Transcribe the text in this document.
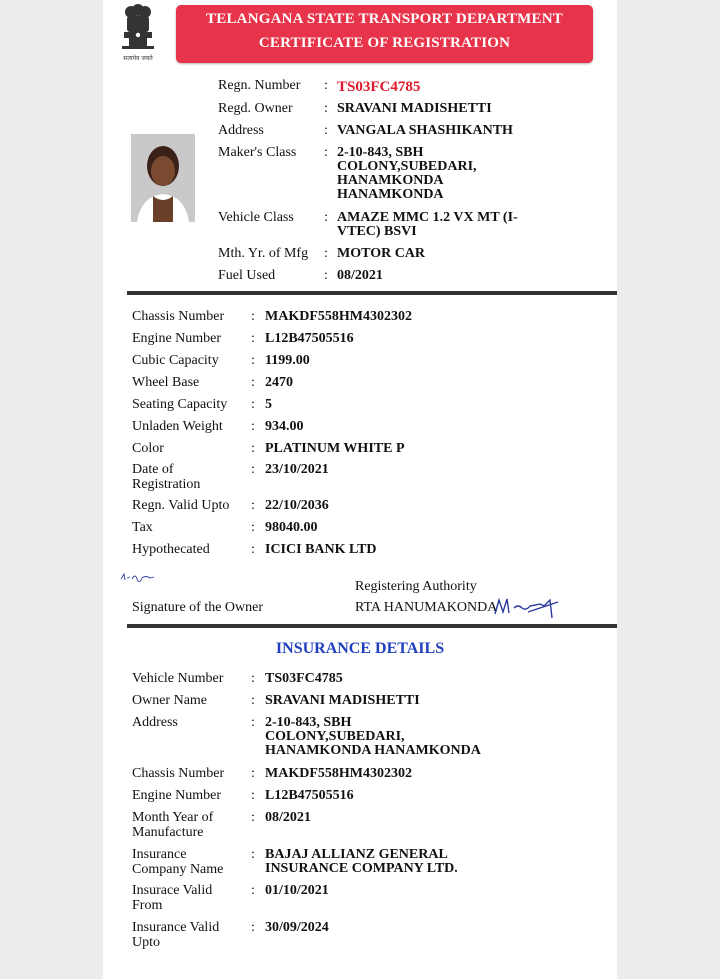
सत्यमेव जयते
TELANGANA STATE TRANSPORT DEPARTMENT
CERTIFICATE OF REGISTRATION
Regn. Number : TS03FC4785
Regd. Owner : SRAVANI MADISHETTI
Address	: VANGALA SHASHIKANTH
Maker's Class : 2-10-843, SBH
COLONY,SUBEDARI,
HANAMKONDA
HANAMKONDA
Vehicle Class : AMAZE MMC 1.2 VX MT (I-
VTEC) BSVI
Mth. Yr. of Mfg : MOTOR CAR
Fuel Used	: 08/2021
Chassis Number : MAKDF558HM4302302
Engine Number : L12B47505516
Cubic Capacity : 1199.00
Wheel Base	: 2470
Seating Capacity : 5
Unladen Weight : 934.00
Color	: PLATINUM WHITE P
Date of
Registration
: 23/10/2021
Regn. Valid Upto : 22/10/2036
Tax	: 98040.00
Hypothecated	: ICICI BANK LTD
Signature of the Owner
Registering Authority
RTA HANUMAKONDA
INSURANCE DETAILS
Vehicle Number : TS03FC4785
Owner Name	: SRAVANI MADISHETTI
Address	: 2-10-843, SBH
COLONY,SUBEDARI,
HANAMKONDA HANAMKONDA
Chassis Number : MAKDF558HM4302302
Engine Number : L12B47505516
Month Year of
Manufacture
: 08/2021
Insurance
Company Name
: BAJAJ ALLIANZ GENERAL
INSURANCE COMPANY LTD.
Insurace Valid
From
: 01/10/2021
Insurance Valid
Upto
: 30/09/2024
